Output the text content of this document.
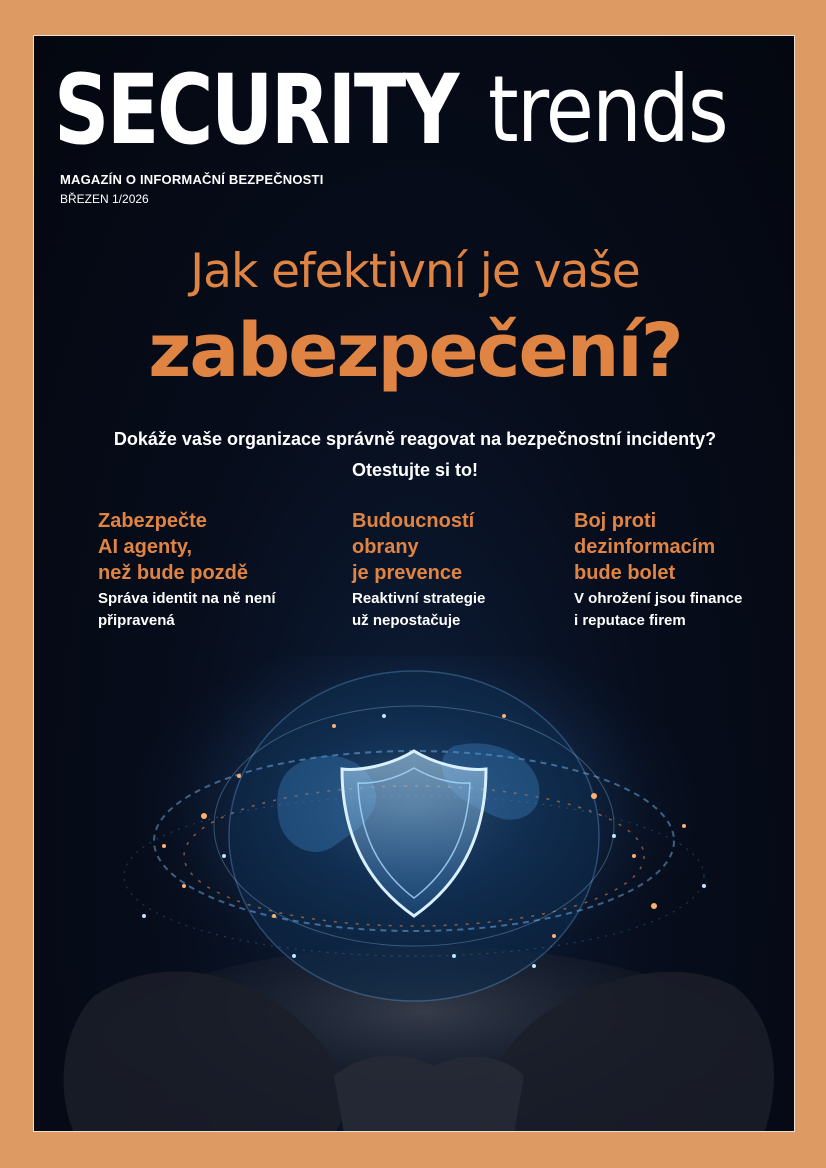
SECURITY trends
MAGAZÍN O INFORMAČNÍ BEZPEČNOSTI
BŘEZEN 1/2026
Jak efektivní je vaše
zabezpečení?
Dokáže vaše organizace správně reagovat na bezpečnostní incidenty?
Otestujte si to!
Zabezpečte
AI agenty,
než bude pozdě
Správa identit na ně není
připravená
Budoucností
obrany
je prevence
Reaktivní strategie
už nepostačuje
Boj proti
dezinformacím
bude bolet
V ohrožení jsou finance
i reputace firem
